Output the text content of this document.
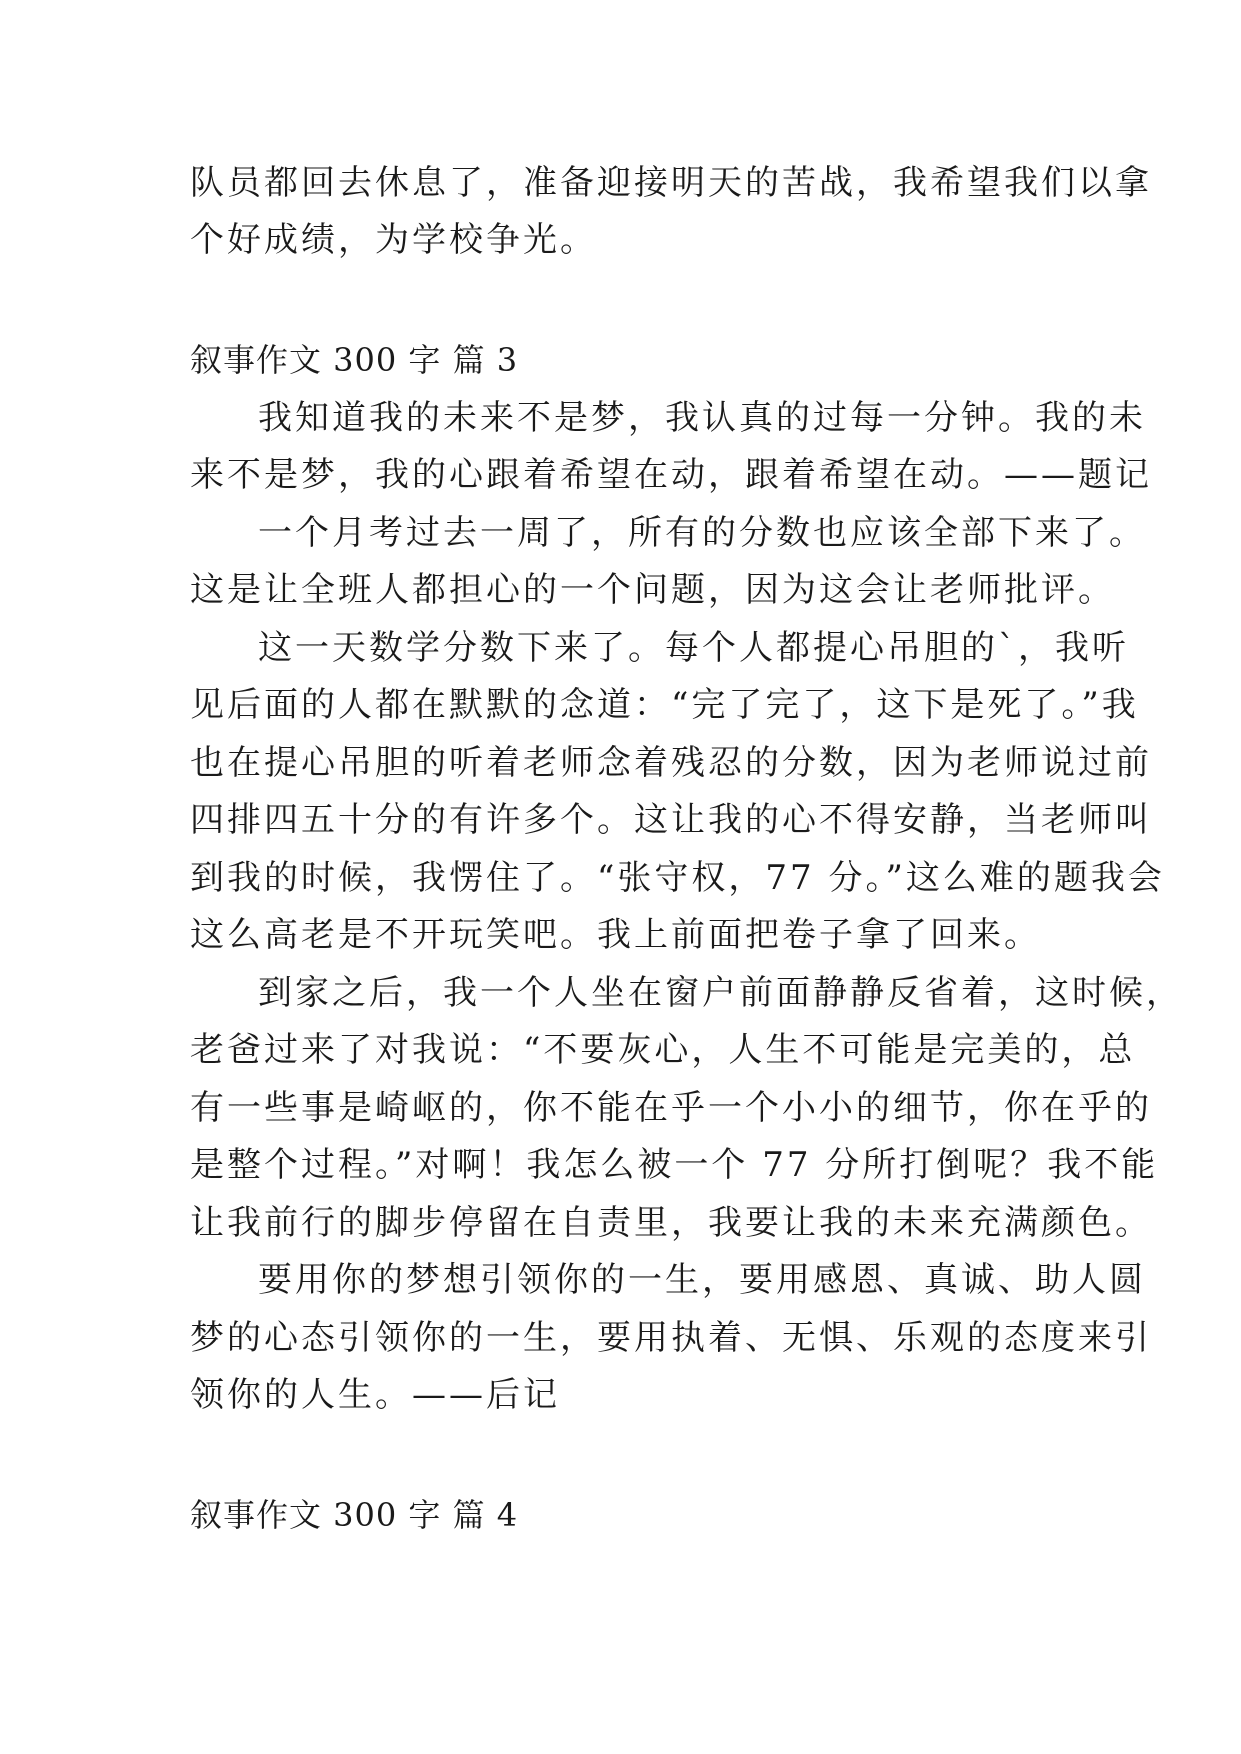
队员都回去休息了，准备迎接明天的苦战，我希望我们以拿
个好成绩，为学校争光。
叙事作文 300 字 篇 3
我知道我的未来不是梦，我认真的过每一分钟。我的未
来不是梦，我的心跟着希望在动，跟着希望在动。——题记
一个月考过去一周了，所有的分数也应该全部下来了。
这是让全班人都担心的一个问题，因为这会让老师批评。
这一天数学分数下来了。每个人都提心吊胆的`，我听
见后面的人都在默默的念道：“完了完了，这下是死了。”我
也在提心吊胆的听着老师念着残忍的分数，因为老师说过前
四排四五十分的有许多个。这让我的心不得安静，当老师叫
到我的时候，我愣住了。“张守权，77 分。”这么难的题我会
这么高老是不开玩笑吧。我上前面把卷子拿了回来。
到家之后，我一个人坐在窗户前面静静反省着，这时候，
老爸过来了对我说：“不要灰心，人生不可能是完美的，总
有一些事是崎岖的，你不能在乎一个小小的细节，你在乎的
是整个过程。”对啊！我怎么被一个 77 分所打倒呢？我不能
让我前行的脚步停留在自责里，我要让我的未来充满颜色。
要用你的梦想引领你的一生，要用感恩、真诚、助人圆
梦的心态引领你的一生，要用执着、无惧、乐观的态度来引
领你的人生。——后记
叙事作文 300 字 篇 4
